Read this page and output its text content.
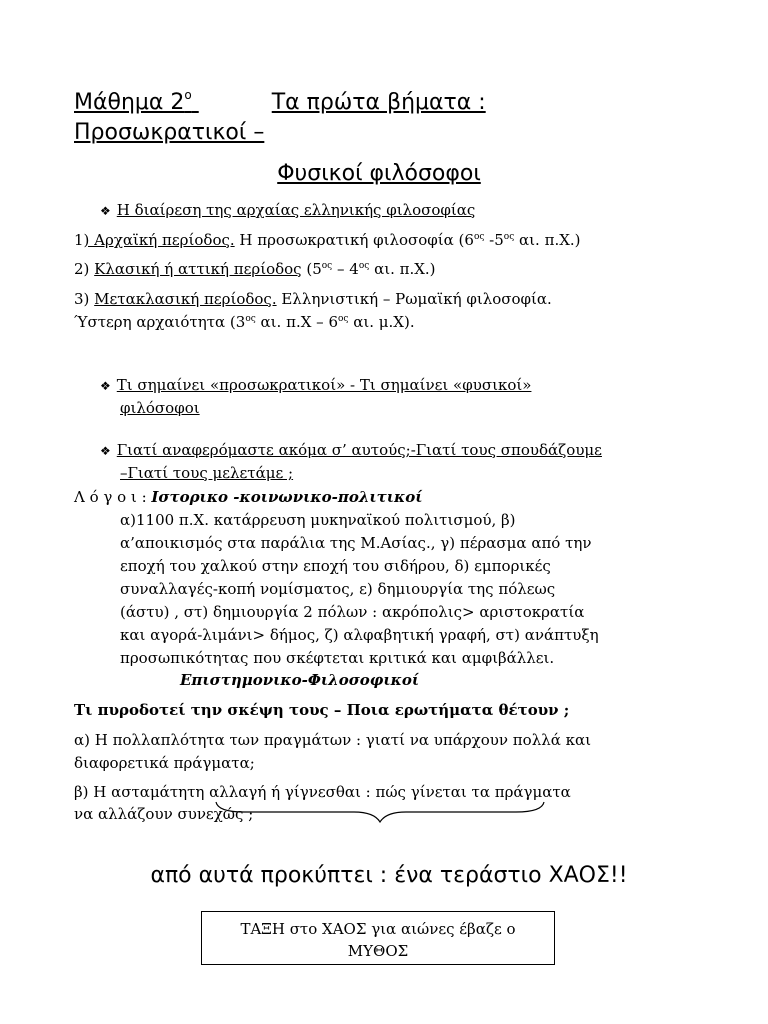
Μάθημα $2^o$	Τα πρώτα βήματα :
Προσωκρατικοί –
Φυσικοί φιλόσοφοι
❖ Η διαίρεση της αρχαίας ελληνικής φιλοσοφίας
1) Αρχαϊκή περίοδος. Η προσωκρατική φιλοσοφία ($6^{o\varsigma}$ $-5^{o\varsigma}$ αι. π.Χ.)
2) Κλασική ή αττική περίοδος ($5^{o\varsigma} - 4^{o\varsigma}$ αι. π.Χ.)
3) Μετακλασική περίοδος. Ελληνιστική – Ρωμαϊκή φιλοσοφία.
Ύστερη αρχαιότητα ($3^{o\varsigma}$ αι. $\pi.X - 6^{o\varsigma}$ αι. μ.Χ).
❖ Τι σημαίνει «προσωκρατικοί» - Τι σημαίνει «φυσικοί»
φιλόσοφοι
❖ Γιατί αναφερόμαστε ακόμα σ’ αυτούς;-Γιατί τους σπουδάζουμε
–Γιατί τους μελετάμε ;
Λ ό γ ο ι : Ιστορικο -κοινωνικο-πολιτικοί
α)1100 π.Χ. κατάρρευση μυκηναϊκού πολιτισμού, β)
α’αποικισμός στα παράλια της Μ.Ασίας., γ) πέρασμα από την
εποχή του χαλκού στην εποχή του σιδήρου, δ) εμπορικές
συναλλαγές-κοπή νομίσματος, ε) δημιουργία της πόλεως
(άστυ) , στ) δημιουργία 2 πόλων : ακρόπολις> αριστοκρατία
και αγορά-λιμάνι> δήμος, ζ) αλφαβητική γραφή, στ) ανάπτυξη
προσωπικότητας που σκέφτεται κριτικά και αμφιβάλλει.
Επιστημονικο-Φιλοσοφικοί
Τι πυροδοτεί την σκέψη τους – Ποια ερωτήματα θέτουν ;
α) Η πολλαπλότητα των πραγμάτων : γιατί να υπάρχουν πολλά και
διαφορετικά πράγματα;
β) Η ασταμάτητη αλλαγή ή γίγνεσθαι : πώς γίνεται τα πράγματα
να αλλάζουν συνεχώς ;
από αυτά προκύπτει : ένα τεράστιο ΧΑΟΣ!!
ΤΑΞΗ στο ΧΑΟΣ για αιώνες έβαζε ο
ΜΥΘΟΣ
